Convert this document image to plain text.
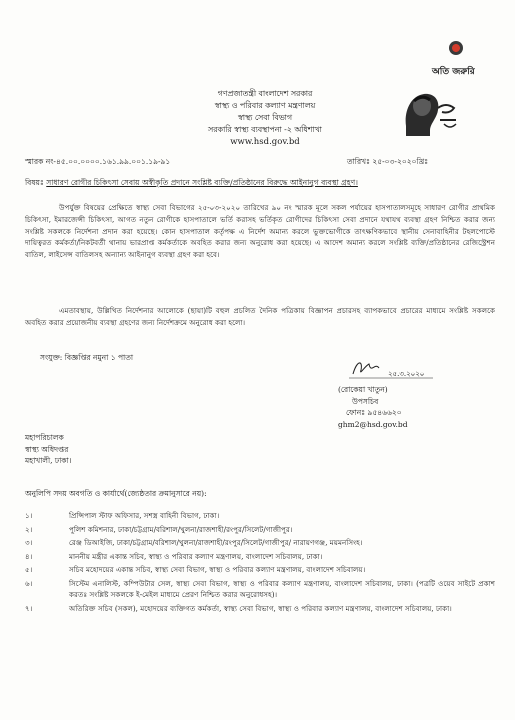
অতি জরুরি
গণপ্রজাতন্ত্রী বাংলাদেশ সরকার
স্বাস্থ্য ও পরিবার কল্যাণ মন্ত্রণালয়
স্বাস্থ্য সেবা বিভাগ
সরকারি স্বাস্থ্য ব্যবস্থাপনা -২ অধিশাখা
www.hsd.gov.bd
স্মারক নং-৪৫.০০.০০০০.১৬১.৯৯.০০১.১৯-৯১	তারিখঃ ২৫-০৩-২০২০খ্রিঃ
বিষয়ঃ সাধারণ রোগীর চিকিৎসা সেবায় অস্বীকৃতি প্রদানে সংশ্লিষ্ট ব্যক্তি/প্রতিষ্ঠানের বিরুদ্ধে আইনানুগ ব্যবস্থা গ্রহণ।

উপর্যুক্ত বিষয়ের প্রেক্ষিতে স্বাস্থ্য সেবা বিভাগের ২৫-০৩-২০২০ তারিখের ৯০ নং স্মারক মূলে সকল পর্যায়ের হাসপাতালসমূহে সাধারণ রোগীর প্রাথমিক চিকিৎসা, ইমারজেন্সী চিকিৎসা, আগত নতুন রোগীকে হাসপাতালে ভর্তি করাসহ ভর্তিকৃত রোগীদের চিকিৎসা সেবা প্রদানে যথাযথ ব্যবস্থা গ্রহণ নিশ্চিত করার জন্য সংশ্লিষ্ট সকলকে নির্দেশনা প্রদান করা হয়েছে। কোন হাসপাতাল কর্তৃপক্ষ এ নির্দেশ অমান্য করলে ভুক্তভোগীকে তাৎক্ষণিকভাবে স্থানীয় সেনাবাহিনীর টহলপোস্টে দায়িত্বরত কর্মকর্তা/নিকটবর্তী থানায় ভারপ্রাপ্ত কর্মকর্তাকে অবহিত করার জন্য অনুরোধ করা হয়েছে। এ আদেশ অমান্য করলে সংশ্লিষ্ট ব্যক্তি/প্রতিষ্ঠানের রেজিস্ট্রেশন বাতিল, লাইসেন্স বাতিলসহ অন্যান্য আইনানুগ ব্যবস্থা গ্রহণ করা হবে।

এমতাবস্থায়, উল্লিখিত নির্দেশনার আলোকে (ছায়া)টি বহুল প্রচলিত দৈনিক পত্রিকায় বিজ্ঞাপন প্রচারসহ ব্যাপকভাবে প্রচারের মাধ্যমে সংশ্লিষ্ট সকলকে অবহিত করার প্রয়োজনীয় ব্যবস্থা গ্রহণের জন্য নির্দেশক্রমে অনুরোধ করা হলো।

সংযুক্ত: বিজ্ঞপ্তির নমুনা ১ পাতা
২৫.৩.২০২০
(রোকেয়া খাতুন)
উপসচিব
ফোনঃ ৯৫৪৬৬২০
ghm2@hsd.gov.bd
মহাপরিচালক
স্বাস্থ্য অধিদপ্তর
মহাখালী, ঢাকা।
অনুলিপি সদয় অবগতি ও কার্যার্থে(জ্যেষ্ঠতার ক্রমানুসারে নয়):
১।	প্রিন্সিপাল স্টাফ অফিসার, সশস্ত্র বাহিনী বিভাগ, ঢাকা।
২।	পুলিশ কমিশনার, ঢাকা/চট্টগ্রাম/বরিশাল/খুলনা/রাজশাহী/রংপুর/সিলেট/গাজীপুর।
৩।	রেঞ্জ ডিআইজি, ঢাকা/চট্টগ্রাম/বরিশাল/খুলনা/রাজশাহী/রংপুর/সিলেট/গাজীপুর/ নারায়ণগঞ্জ, ময়মনসিংহ।
৪।	মাননীয় মন্ত্রীর একান্ত সচিব, স্বাস্থ্য ও পরিবার কল্যাণ মন্ত্রণালয়, বাংলাদেশ সচিবালয়, ঢাকা।
৫।	সচিব মহোদয়ের একান্ত সচিব, স্বাস্থ্য সেবা বিভাগ, স্বাস্থ্য ও পরিবার কল্যাণ মন্ত্রণালয়, বাংলাদেশ সচিবালয়।
৬।	সিস্টেম এনালিস্ট, কম্পিউটার সেল, স্বাস্থ্য সেবা বিভাগ, স্বাস্থ্য ও পরিবার কল্যাণ মন্ত্রণালয়, বাংলাদেশ সচিবালয়, ঢাকা। (পত্রটি ওয়েব সাইটে প্রকাশ করতঃ সংশ্লিষ্ট সকলকে ই-মেইল মাধ্যমে প্রেরণ নিশ্চিত করার অনুরোধসহ)।
৭।	অতিরিক্ত সচিব (সকল), মহোদয়ের ব্যক্তিগত কর্মকর্তা, স্বাস্থ্য সেবা বিভাগ, স্বাস্থ্য ও পরিবার কল্যাণ মন্ত্রণালয়, বাংলাদেশ সচিবালয়, ঢাকা।
